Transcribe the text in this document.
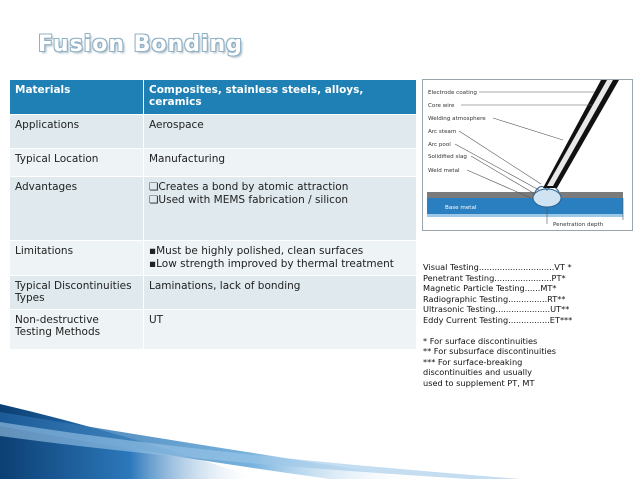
Fusion Bonding
Materials	Composites, stainless steels, alloys, ceramics
Applications	Aerospace

Typical Location	Manufacturing

Advantages	❏Creates a bond by atomic attraction
❏Used with MEMS fabrication / silicon

Limitations	▪Must be highly polished, clean surfaces
▪Low strength improved by thermal treatment

Typical Discontinuities Types	Laminations, lack of bonding

Non-destructive Testing Methods	UT
Electrode coating
Core wire
Welding atmosphere
Arc steam
Arc pool
Solidified slag
Weld metal
Base metal
Penetration depth
Visual Testing.............................VT *
Penetrant Testing......................PT*
Magnetic Particle Testing......MT*
Radiographic Testing...............RT**
Ultrasonic Testing.....................UT**
Eddy Current Testing................ET***

* For surface discontinuities
** For subsurface discontinuities
*** For surface-breaking
discontinuities and usually
used to supplement PT, MT
